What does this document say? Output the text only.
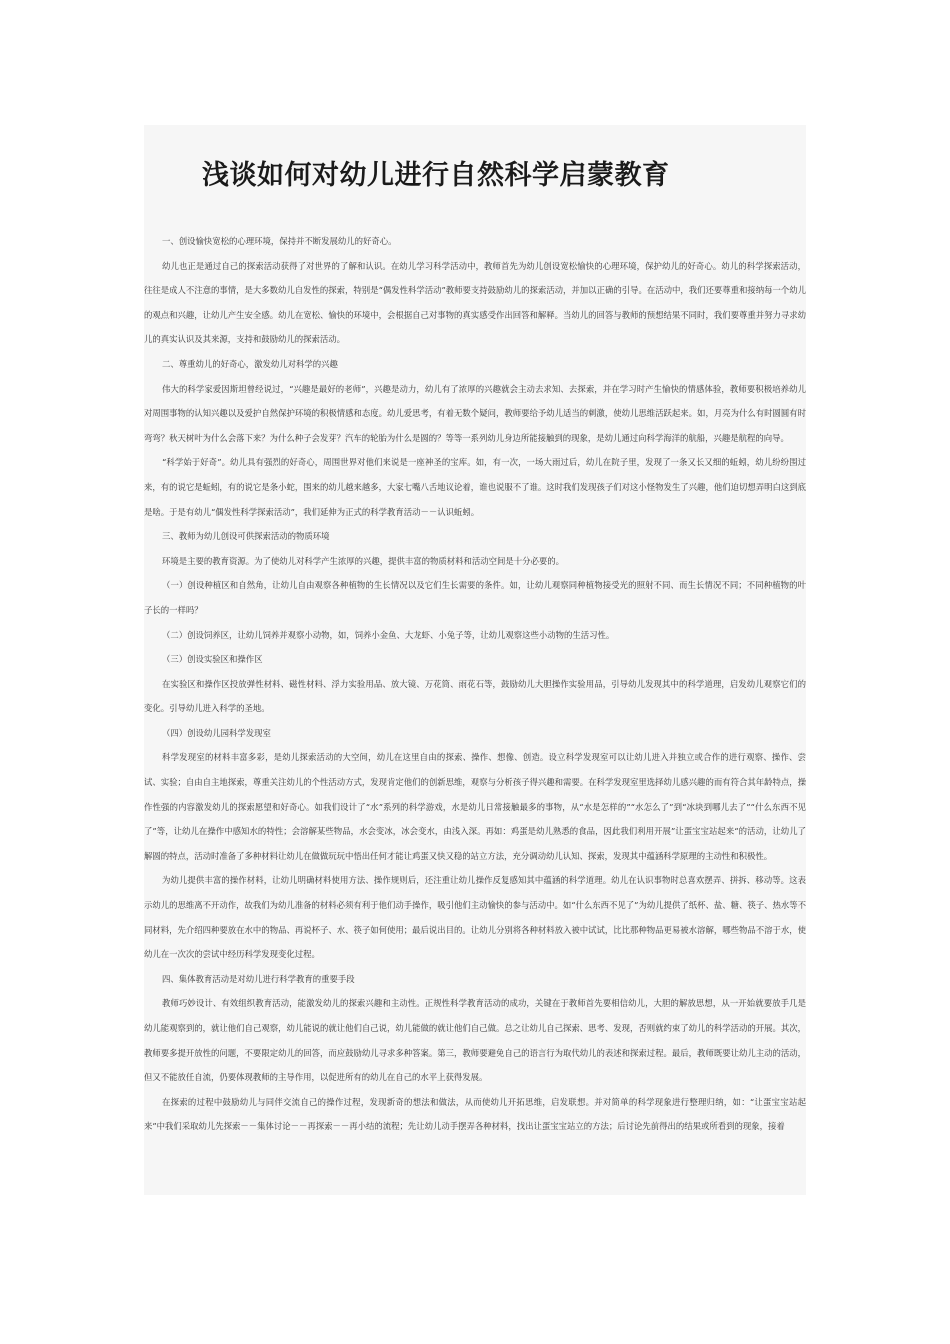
浅谈如何对幼儿进行自然科学启蒙教育

一、创设愉快宽松的心理环境，保持并不断发展幼儿的好奇心。

幼儿也正是通过自己的探索活动获得了对世界的了解和认识。在幼儿学习科学活动中，教师首先为幼儿创设宽松愉快的心理环境，保护幼儿的好奇心。幼儿的科学探索活动，往往是成人不注意的事情，是大多数幼儿自发性的探索，特别是“偶发性科学活动”教师要支持鼓励幼儿的探索活动，并加以正确的引导。在活动中，我们还要尊重和接纳每一个幼儿的观点和兴趣，让幼儿产生安全感。幼儿在宽松、愉快的环境中，会根据自己对事物的真实感受作出回答和解释。当幼儿的回答与教师的预想结果不同时，我们要尊重并努力寻求幼儿的真实认识及其来源，支持和鼓励幼儿的探索活动。

二、尊重幼儿的好奇心，激发幼儿对科学的兴趣

伟大的科学家爱因斯坦曾经说过，“兴趣是最好的老师”，兴趣是动力，幼儿有了浓厚的兴趣就会主动去求知、去探索，并在学习时产生愉快的情感体验，教师要积极培养幼儿对周围事物的认知兴趣以及爱护自然保护环境的积极情感和态度。幼儿爱思考，有着无数个疑问，教师要给予幼儿适当的刺激，使幼儿思维活跃起来。如，月亮为什么有时圆圆有时弯弯？秋天树叶为什么会落下来？为什么种子会发芽？汽车的轮胎为什么是圆的？等等一系列幼儿身边所能接触到的现象，是幼儿通过向科学海洋的航船，兴趣是航程的向导。

“科学始于好奇”。幼儿具有强烈的好奇心，周围世界对他们来说是一座神圣的宝库。如，有一次，一场大雨过后，幼儿在院子里，发现了一条又长又细的蚯蚓，幼儿纷纷围过来，有的说它是蚯蚓，有的说它是条小蛇，围来的幼儿越来越多，大家七嘴八舌地议论着，谁也说服不了谁。这时我们发现孩子们对这小怪物发生了兴趣，他们迫切想弄明白这到底是啥。于是有幼儿“偶发性科学探索活动”，我们延伸为正式的科学教育活动－－认识蚯蚓。

三、教师为幼儿创设可供探索活动的物质环境

环境是主要的教育资源。为了使幼儿对科学产生浓厚的兴趣，提供丰富的物质材料和活动空间是十分必要的。

（一）创设种植区和自然角，让幼儿自由观察各种植物的生长情况以及它们生长需要的条件。如，让幼儿观察同种植物接受光的照射不同、而生长情况不同；不同种植物的叶子长的一样吗？

（二）创设饲养区，让幼儿饲养并观察小动物，如，饲养小金鱼、大龙虾、小兔子等，让幼儿观察这些小动物的生活习性。

（三）创设实验区和操作区

在实验区和操作区投放弹性材料、磁性材料、浮力实验用品、放大镜、万花筒、雨花石等，鼓励幼儿大胆操作实验用品，引导幼儿发现其中的科学道理，启发幼儿观察它们的变化。引导幼儿进入科学的圣地。

（四）创设幼儿园科学发现室

科学发现室的材料丰富多彩，是幼儿探索活动的大空间，幼儿在这里自由的探索、操作、想像、创造。设立科学发现室可以让幼儿进入并独立或合作的进行观察、操作、尝试、实验；自由自主地探索，尊重关注幼儿的个性活动方式，发现肯定他们的创新思维，观察与分析孩子得兴趣和需要。在科学发现室里选择幼儿感兴趣的而有符合其年龄特点，操作性强的内容激发幼儿的探索愿望和好奇心。如我们设计了“水”系列的科学游戏，水是幼儿日常接触最多的事物，从“水是怎样的”“水怎么了”到“冰块到哪儿去了”“什么东西不见了”等，让幼儿在操作中感知水的特性；会溶解某些物品，水会变冰，冰会变水，由浅入深。再如：鸡蛋是幼儿熟悉的食品，因此我们利用开展”让蛋宝宝站起来“的活动，让幼儿了解圆的特点，活动时准备了多种材料让幼儿在做做玩玩中悟出任何才能让鸡蛋又快又稳的站立方法，充分调动幼儿认知、探索，发现其中蕴涵科学原理的主动性和积极性。

为幼儿提供丰富的操作材料，让幼儿明确材料使用方法、操作规则后，还注重让幼儿操作反复感知其中蕴涵的科学道理。幼儿在认识事物时总喜欢摆弄、拼拆、移动等。这表示幼儿的思维离不开动作，故我们为幼儿准备的材料必须有利于他们动手操作，吸引他们主动愉快的参与活动中。如“什么东西不见了”为幼儿提供了纸杯、盐、糖、筷子、热水等不同材料，先介绍四种要放在水中的物品、再说杯子、水、筷子如何使用；最后说出目的。让幼儿分别将各种材料放入被中试试，比比那种物品更易被水溶解，哪些物品不溶于水，使幼儿在一次次的尝试中经历科学发现变化过程。

四、集体教育活动是对幼儿进行科学教育的重要手段

教师巧妙设计、有效组织教育活动，能激发幼儿的探索兴趣和主动性。正规性科学教育活动的成功，关键在于教师首先要相信幼儿，大胆的解放思想，从一开始就要放手几是幼儿能观察到的，就让他们自己观察，幼儿能说的就让他们自己说，幼儿能做的就让他们自己做。总之让幼儿自己探索、思考、发现，否则就约束了幼儿的科学活动的开展。其次，教师要多提开放性的问题，不要限定幼儿的回答，而应鼓励幼儿寻求多种答案。第三，教师要避免自己的语言行为取代幼儿的表述和探索过程。最后，教师既要让幼儿主动的活动，但又不能放任自流，仍要体现教师的主导作用，以促进所有的幼儿在自己的水平上获得发展。

在探索的过程中鼓励幼儿与同伴交流自己的操作过程，发现新奇的想法和做法，从而使幼儿开拓思维，启发联想。并对简单的科学现象进行整理归纳，如：“让蛋宝宝站起来”中我们采取幼儿先探索－－集体讨论－－再探索－－再小结的流程；先让幼儿动手摆弄各种材料，找出让蛋宝宝站立的方法；后讨论先前得出的结果或所看到的现象，接着
